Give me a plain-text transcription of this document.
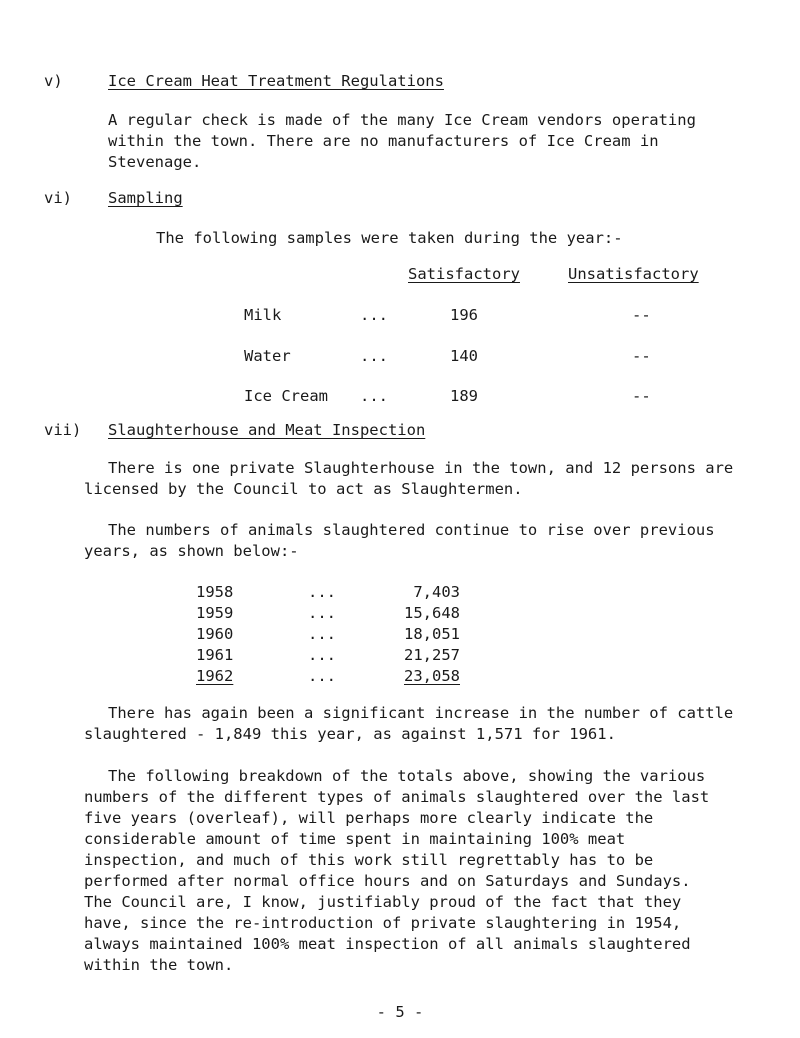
v)	Ice Cream Heat Treatment Regulations
A regular check is made of the many Ice Cream vendors operating within the town. There are no manufacturers of Ice Cream in Stevenage.
vi) Sampling
The following samples were taken during the year:-
Satisfactory	Unsatisfactory
Milk	...	196	--
Water	...	140	--
Ice Cream ...	189	--
vii) Slaughterhouse and Meat Inspection
There is one private Slaughterhouse in the town, and 12 persons are licensed by the Council to act as Slaughtermen.
The numbers of animals slaughtered continue to rise over previous years, as shown below:-
1958	...	7,403
1959	...	15,648
1960	...	18,051
1961	...	21,257
1962	...	23,058
There has again been a significant increase in the number of cattle slaughtered - 1,849 this year, as against 1,571 for 1961.
The following breakdown of the totals above, showing the various numbers of the different types of animals slaughtered over the last five years (overleaf), will perhaps more clearly indicate the considerable amount of time spent in maintaining 100% meat inspection, and much of this work still regrettably has to be performed after normal office hours and on Saturdays and Sundays. The Council are, I know, justifiably proud of the fact that they have, since the re-introduction of private slaughtering in 1954, always maintained 100% meat inspection of all animals slaughtered within the town.
- 5 -
